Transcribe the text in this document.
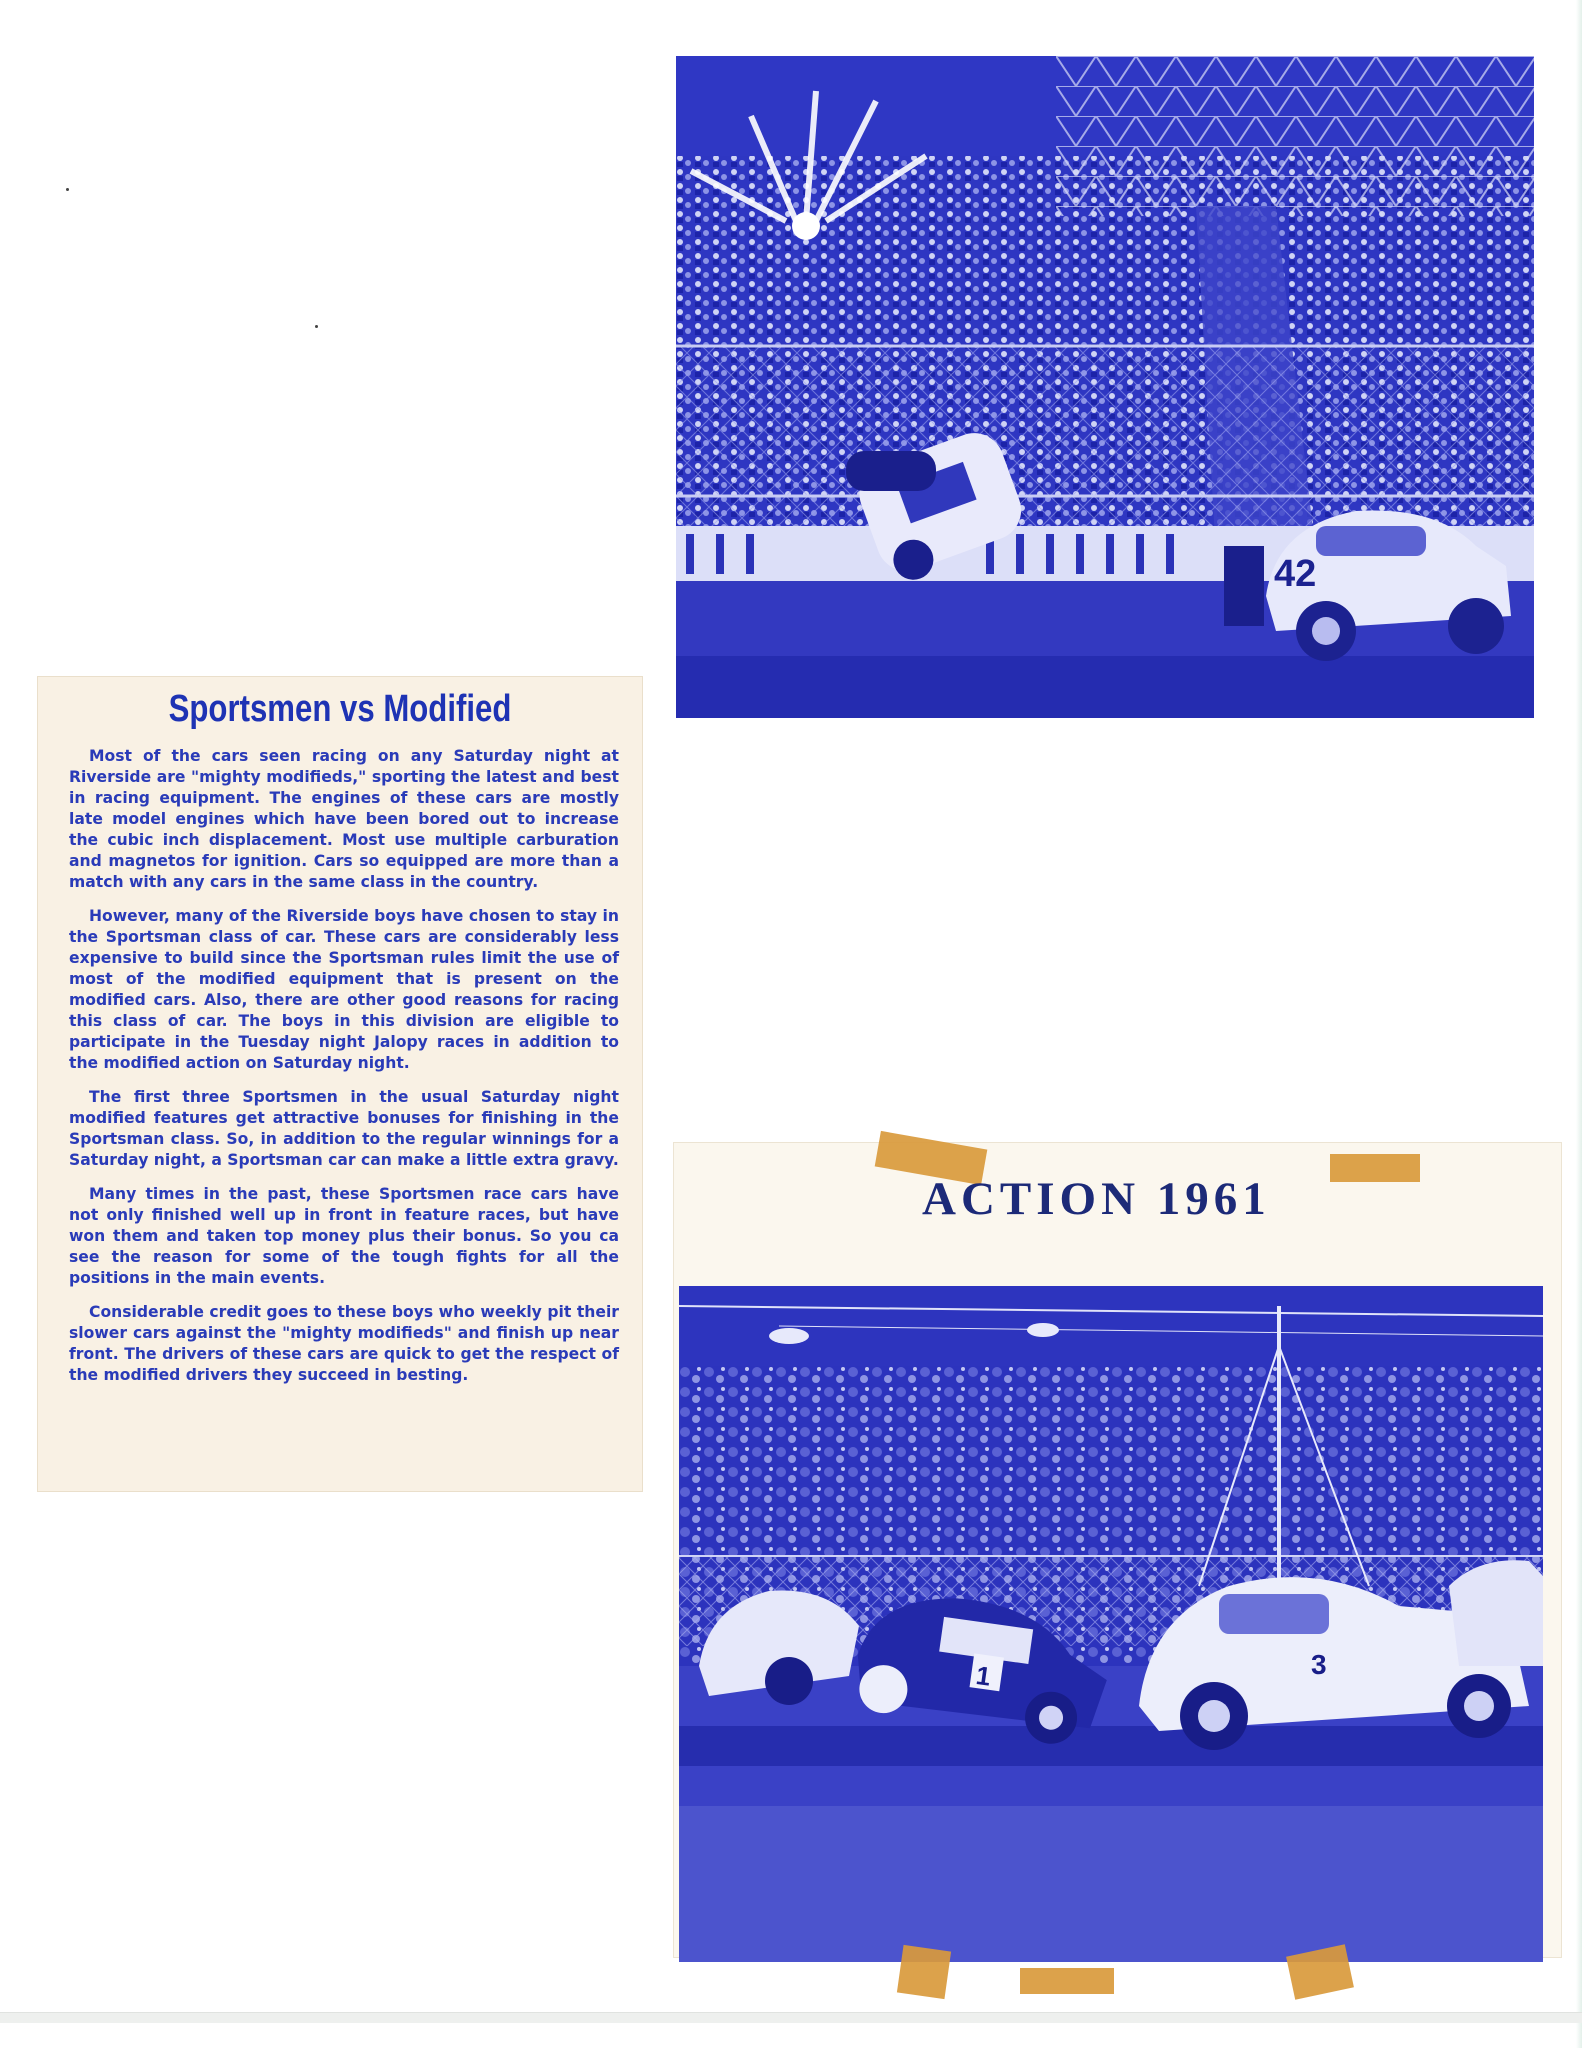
42
Sportsmen vs Modified

Most of the cars seen racing on any Saturday night at Riverside are "mighty modifieds," sporting the latest and best in racing equipment. The engines of these cars are mostly late model engines which have been bored out to increase the cubic inch displacement. Most use multiple carburation and magnetos for ignition. Cars so equipped are more than a match with any cars in the same class in the country.

However, many of the Riverside boys have chosen to stay in the Sportsman class of car. These cars are considerably less expensive to build since the Sportsman rules limit the use of most of the modified equipment that is present on the modified cars. Also, there are other good reasons for racing this class of car. The boys in this division are eligible to participate in the Tuesday night Jalopy races in addition to the modified action on Saturday night.

The first three Sportsmen in the usual Saturday night modified features get attractive bonuses for finishing in the Sportsman class. So, in addition to the regular winnings for a Saturday night, a Sportsman car can make a little extra gravy.

Many times in the past, these Sportsmen race cars have not only finished well up in front in feature races, but have won them and taken top money plus their bonus. So you ca see the reason for some of the tough fights for all the positions in the main events.

Considerable credit goes to these boys who weekly pit their slower cars against the "mighty modifieds" and finish up near front. The drivers of these cars are quick to get the respect of the modified drivers they succeed in besting.

ACTION 1961
1	3
